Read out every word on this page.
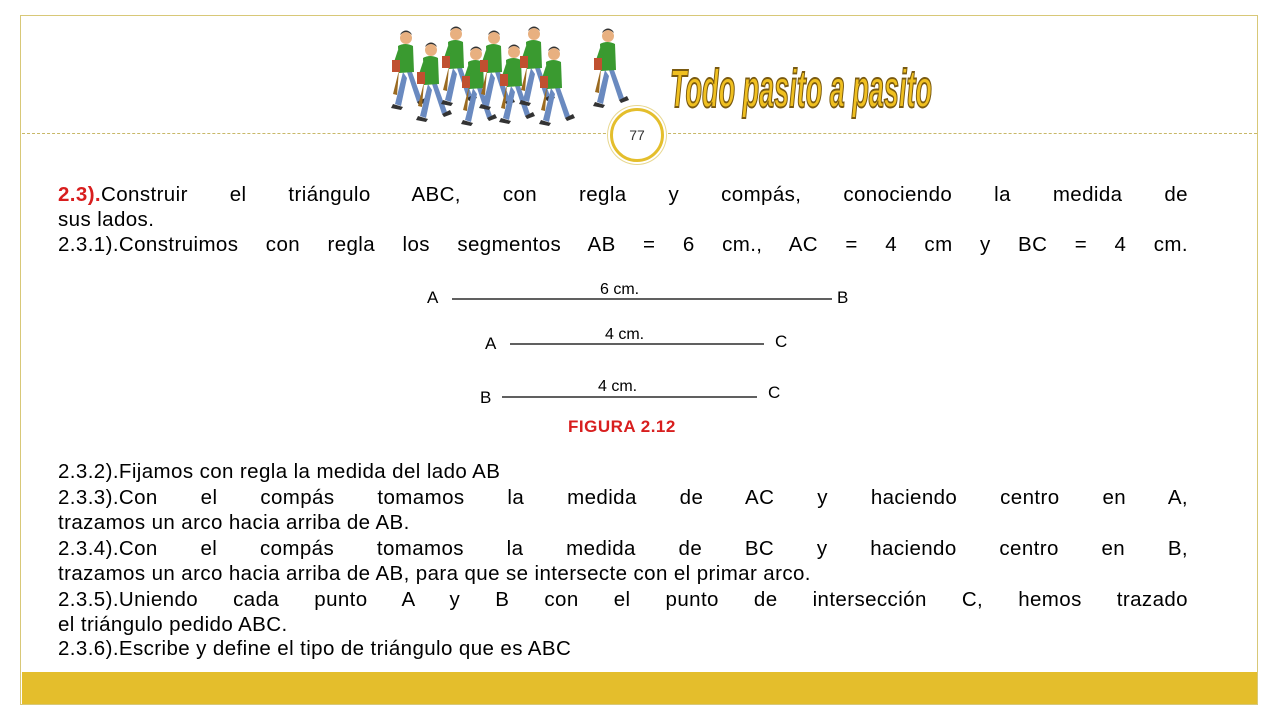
Todo pasito a pasito
77
2.3).Construir el triángulo ABC, con regla y compás, conociendo la medida de
sus lados.
2.3.1).Construimos con regla los segmentos AB = 6 cm., AC = 4 cm y BC = 4 cm.
A	6 cm.	B
A	4 cm.	C
B
4 cm.	C
FIGURA 2.12
2.3.2).Fijamos con regla la medida del lado AB
2.3.3).Con el compás tomamos la medida de AC y haciendo centro en A,
trazamos un arco hacia arriba de AB.
2.3.4).Con el compás tomamos la medida de BC y haciendo centro en B,
trazamos un arco hacia arriba de AB, para que se intersecte con el primar arco.
2.3.5).Uniendo cada punto A y B con el punto de intersección C, hemos trazado
el triángulo pedido ABC.
2.3.6).Escribe y define el tipo de triángulo que es ABC
